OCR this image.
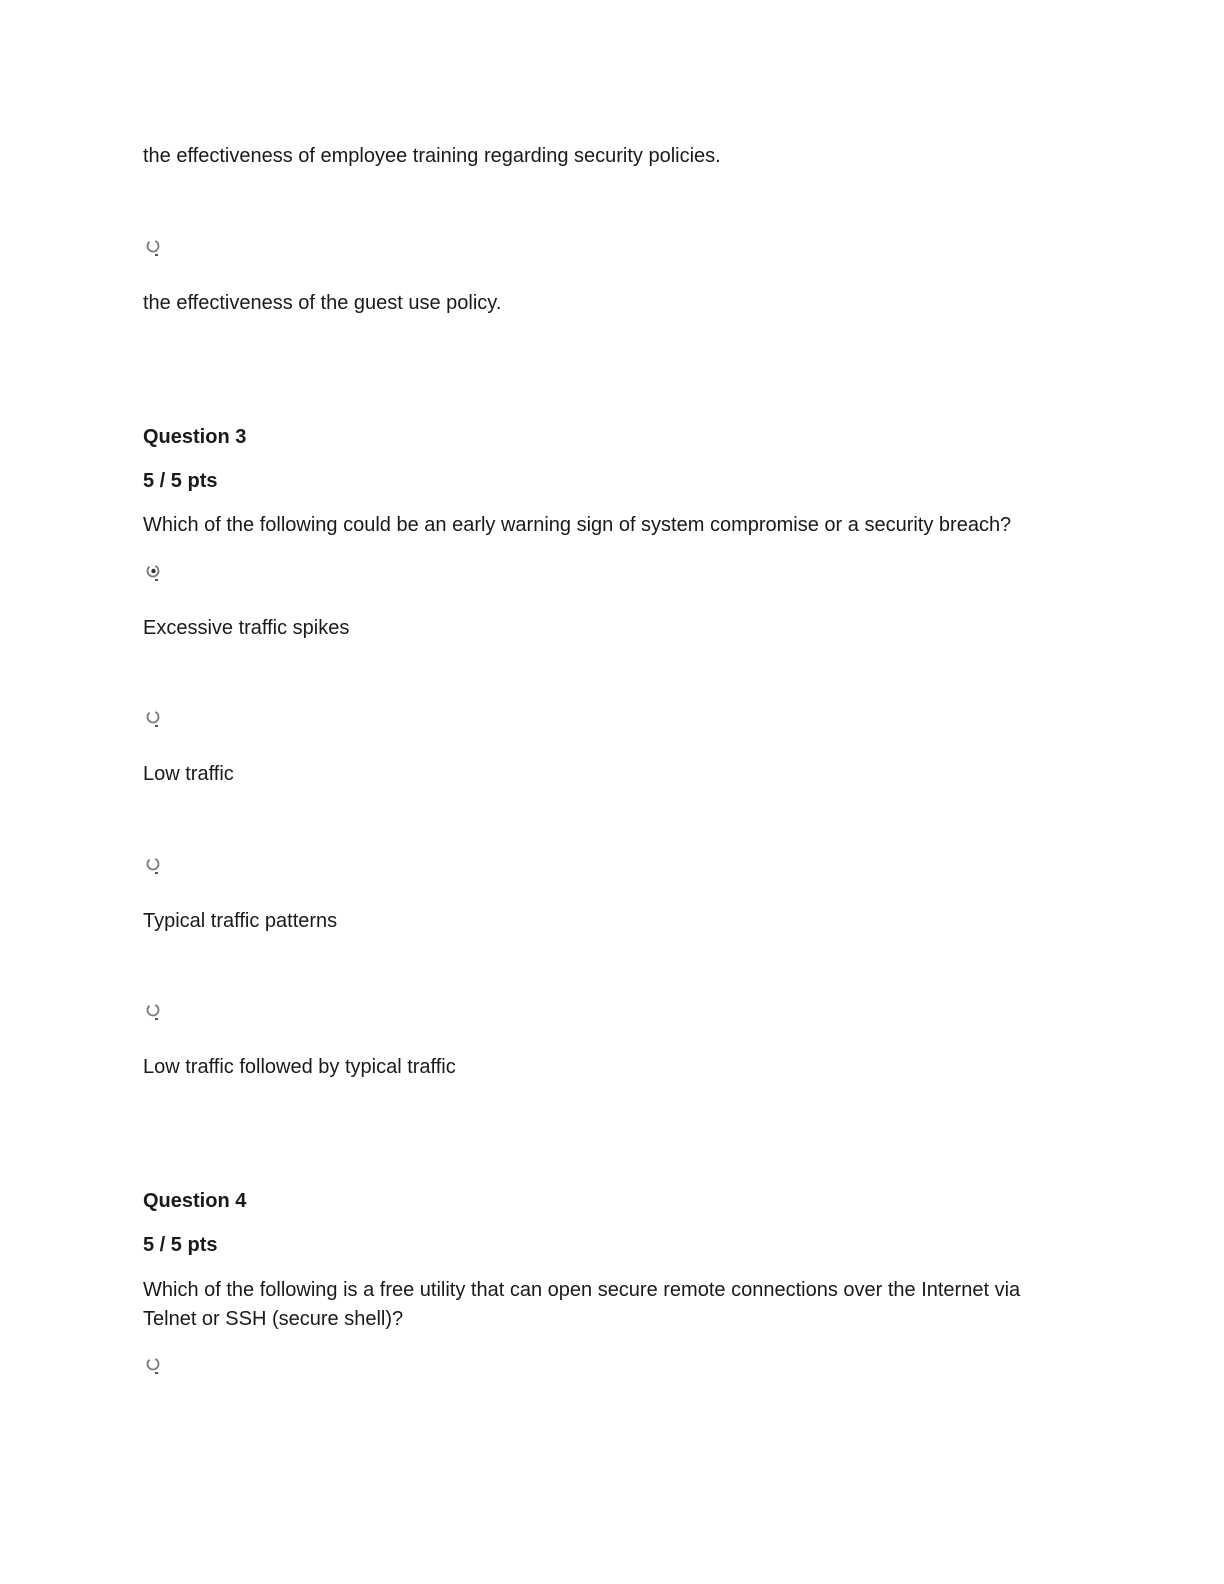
the effectiveness of employee training regarding security policies.
the effectiveness of the guest use policy.
Question 3
5 / 5 pts
Which of the following could be an early warning sign of system compromise or a security breach?
Excessive traffic spikes
Low traffic
Typical traffic patterns
Low traffic followed by typical traffic
Question 4
5 / 5 pts
Which of the following is a free utility that can open secure remote connections over the Internet via Telnet or SSH (secure shell)?
